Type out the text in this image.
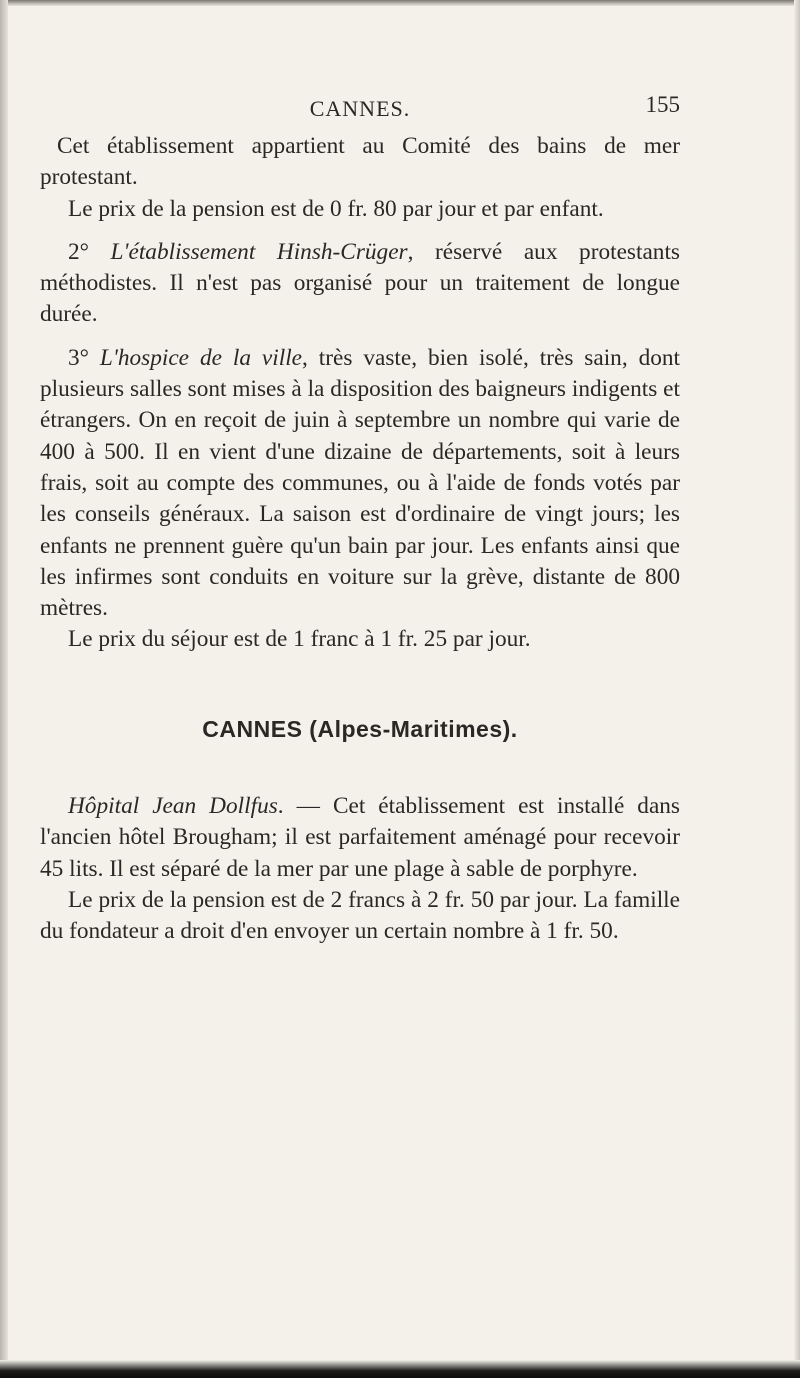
CANNES.	155

Cet établissement appartient au Comité des bains de mer protestant.

Le prix de la pension est de 0 fr. 80 par jour et par enfant.

2° L'établissement Hinsh-Crüger, réservé aux protestants méthodistes. Il n'est pas organisé pour un traitement de longue durée.

3° L'hospice de la ville, très vaste, bien isolé, très sain, dont plusieurs salles sont mises à la disposition des baigneurs indigents et étrangers. On en reçoit de juin à septembre un nombre qui varie de 400 à 500. Il en vient d'une dizaine de départements, soit à leurs frais, soit au compte des communes, ou à l'aide de fonds votés par les conseils généraux. La saison est d'ordinaire de vingt jours; les enfants ne prennent guère qu'un bain par jour. Les enfants ainsi que les infirmes sont conduits en voiture sur la grève, distante de 800 mètres.

Le prix du séjour est de 1 franc à 1 fr. 25 par jour.

CANNES (Alpes-Maritimes).

Hôpital Jean Dollfus. — Cet établissement est installé dans l'ancien hôtel Brougham; il est parfaitement aménagé pour recevoir 45 lits. Il est séparé de la mer par une plage à sable de porphyre.

Le prix de la pension est de 2 francs à 2 fr. 50 par jour. La famille du fondateur a droit d'en envoyer un certain nombre à 1 fr. 50.
